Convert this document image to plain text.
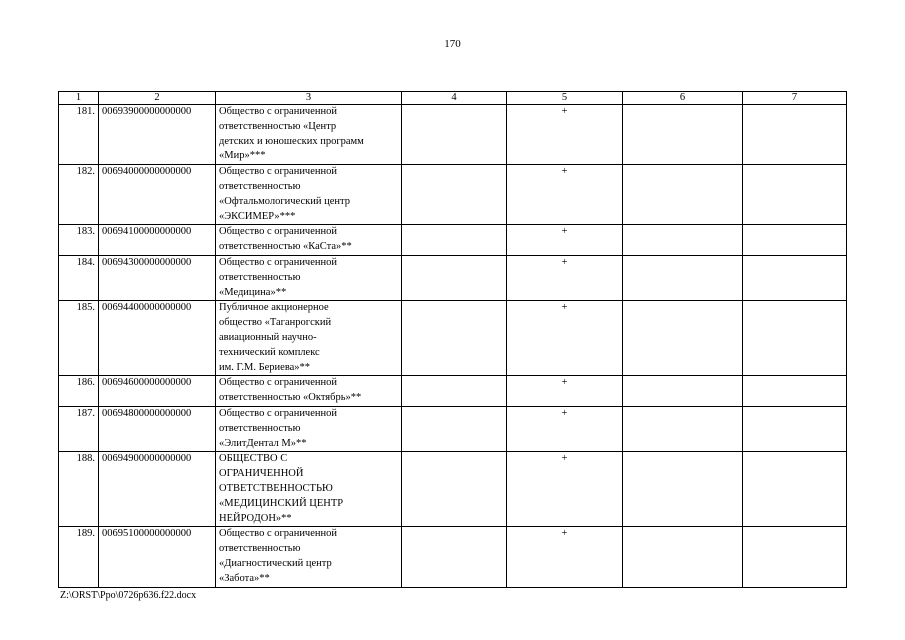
170
1	2	3	4	5	6	7
181.	00693900000000000	Общество с ограниченной
ответственностью «Центр
детских и юношеских программ
«Мир»***		+		
182.	00694000000000000	Общество с ограниченной
ответственностью
«Офтальмологический центр
«ЭКСИМЕР»***		+		
183.	00694100000000000	Общество с ограниченной
ответственностью «КаСта»**		+		
184.	00694300000000000	Общество с ограниченной
ответственностью
«Медицина»**		+		
185.	00694400000000000	Публичное акционерное
общество «Таганрогский
авиационный научно-
технический комплекс
им. Г.М. Бериева»**		+		
186.	00694600000000000	Общество с ограниченной
ответственностью «Октябрь»**		+		
187.	00694800000000000	Общество с ограниченной
ответственностью
«ЭлитДентал М»**		+		
188.	00694900000000000	ОБЩЕСТВО С
ОГРАНИЧЕННОЙ
ОТВЕТСТВЕННОСТЬЮ
«МЕДИЦИНСКИЙ ЦЕНТР
НЕЙРОДОН»**		+		
189.	00695100000000000	Общество с ограниченной
ответственностью
«Диагностический центр
«Забота»**		+		
Z:\ORST\Ppo\0726p636.f22.docx
